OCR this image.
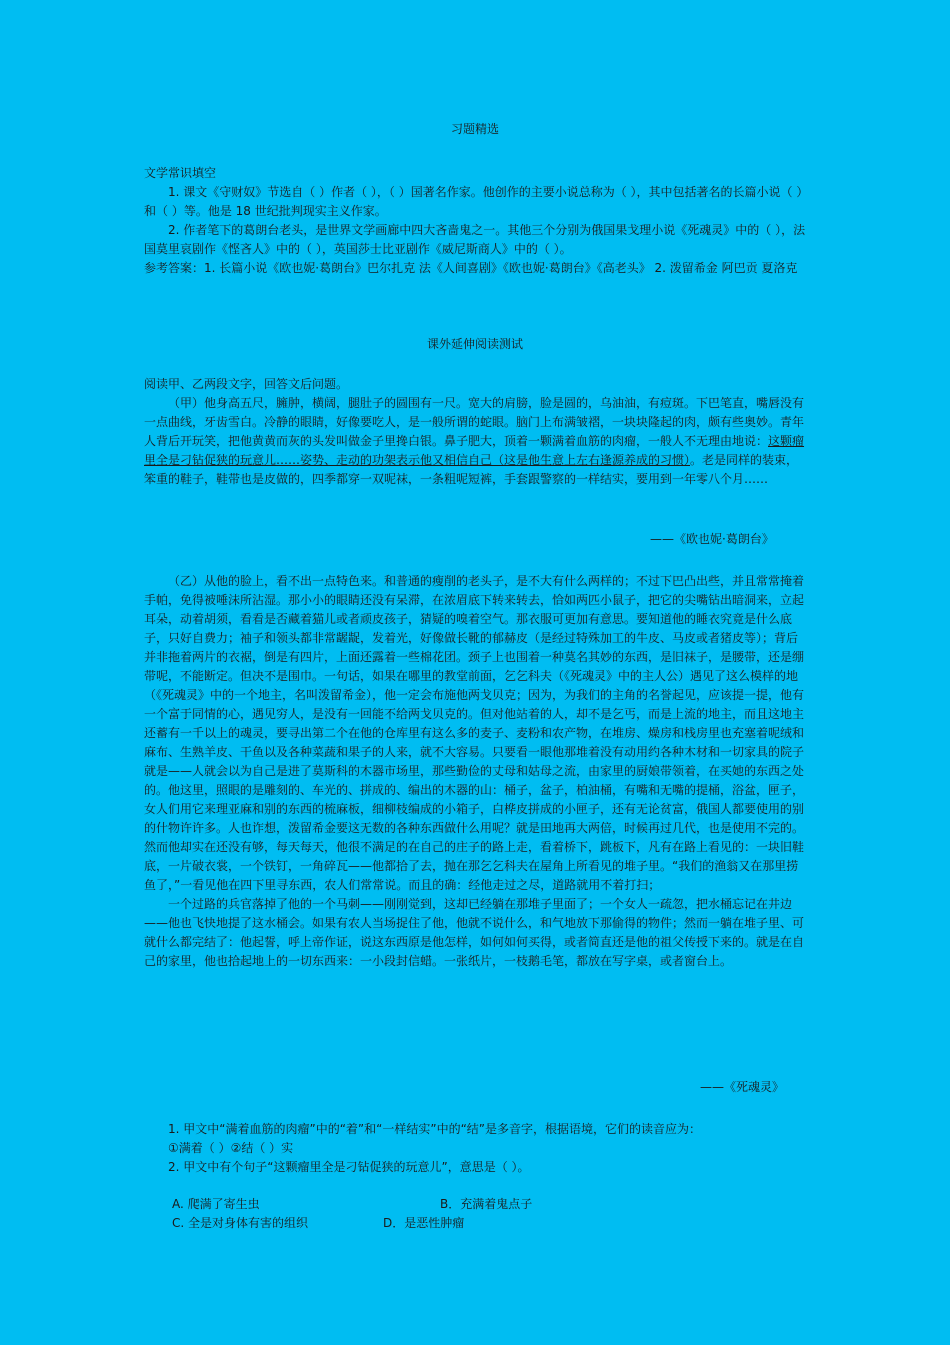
习题精选

文学常识填空

1. 课文《守财奴》节选自（ ）作者（ ），（ ）国著名作家。他创作的主要小说总称为（ ），其中包括著名的长篇小说（ ）和（ ）等。他是 18 世纪批判现实主义作家。

2. 作者笔下的葛朗台老头，是世界文学画廊中四大吝啬鬼之一。其他三个分别为俄国果戈理小说《死魂灵》中的（ ），法国莫里哀剧作《悭吝人》中的（ ），英国莎士比亚剧作《威尼斯商人》中的（ ）。

参考答案：1. 长篇小说《欧也妮·葛朗台》巴尔扎克 法《人间喜剧》《欧也妮·葛朗台》《高老头》 2. 泼留希金 阿巴贡 夏洛克

课外延伸阅读测试

阅读甲、乙两段文字，回答文后问题。

（甲）他身高五尺，臃肿，横阔，腿肚子的圆围有一尺。宽大的肩膀，脸是圆的，乌油油，有痘斑。下巴笔直，嘴唇没有一点曲线，牙齿雪白。冷静的眼睛，好像要吃人，是一般所谓的蛇眼。脑门上布满皱褶，一块块隆起的肉，颇有些奥妙。青年人背后开玩笑，把他黄黄而灰的头发叫做金子里搀白银。鼻子肥大，顶着一颗满着血筋的肉瘤，一般人不无理由地说：这颗瘤里全是刁钻促狭的玩意儿……姿势、走动的功架表示他又相信自己（这是他生意上左右逢源养成的习惯）。老是同样的装束，笨重的鞋子，鞋带也是皮做的，四季都穿一双呢袜，一条粗呢短裤，手套跟警察的一样结实，要用到一年零八个月……

——《欧也妮·葛朗台》

（乙）从他的脸上，看不出一点特色来。和普通的瘦削的老头子，是不大有什么两样的；不过下巴凸出些，并且常常掩着手帕，免得被唾沫所沾湿。那小小的眼睛还没有呆滞，在浓眉底下转来转去，恰如两匹小鼠子，把它的尖嘴钻出暗洞来，立起耳朵，动着胡须，看看是否藏着猫儿或者顽皮孩子，猜疑的嗅着空气。那衣服可更加有意思。要知道他的睡衣究竟是什么底子，只好自费力；袖子和领头都非常龌龊，发着光，好像做长靴的郁赫皮（是经过特殊加工的牛皮、马皮或者猪皮等）；背后并非拖着两片的衣裾，倒是有四片，上面还露着一些棉花团。颈子上也围着一种莫名其妙的东西，是旧袜子，是腰带，还是绷带呢，不能断定。但决不是围巾。一句话，如果在哪里的教堂前面，乞乞科夫（《死魂灵》中的主人公）遇见了这么模样的地（《死魂灵》中的一个地主，名叫泼留希金），他一定会布施他两戈贝克；因为，为我们的主角的名誉起见，应该提一提，他有一个富于同情的心，遇见穷人，是没有一回能不给两戈贝克的。但对他站着的人，却不是乞丐，而是上流的地主，而且这地主还蓄有一千以上的魂灵，要寻出第二个在他的仓库里有这么多的麦子、麦粉和农产物，在堆房、燥房和栈房里也充塞着呢绒和麻布、生熟羊皮、干鱼以及各种菜蔬和果子的人来，就不大容易。只要看一眼他那堆着没有动用约各种木材和一切家具的院子就是——人就会以为自己是进了莫斯科的木器市场里，那些勤俭的丈母和姑母之流，由家里的厨娘带领着，在买她的东西之处的。他这里，照眼的是雕刻的、车光的、拼成的、编出的木器的山：桶子，盆子，柏油桶，有嘴和无嘴的提桶，浴盆，匣子，女人们用它来理亚麻和别的东西的梳麻板，细柳枝编成的小箱子，白桦皮拼成的小匣子，还有无论贫富，俄国人都要使用的别的什物许许多。人也诈想，泼留希金要这无数的各种东西做什么用呢？就是田地再大两倍，时候再过几代，也是使用不完的。然而他却实在还没有够，每天每天，他很不满足的在自己的庄子的路上走，看着桥下，跳板下，凡有在路上看见的：一块旧鞋底，一片破衣裳，一个铁钉，一角碎瓦——他都拾了去，抛在那乞乞科夫在屋角上所看见的堆子里。“我们的渔翁又在那里捞鱼了，”一看见他在四下里寻东西，农人们常常说。而且的确：经他走过之尽，道路就用不着打扫；

一个过路的兵官落掉了他的一个马刺——刚刚觉到，这却已经躺在那堆子里面了；一个女人一疏忽，把水桶忘记在井边——他也飞快地提了这水桶会。如果有农人当场捉住了他，他就不说什么，和气地放下那偷得的物件；然而一躺在堆子里、可就什么都完结了：他起誓，呼上帝作证，说这东西原是他怎样，如何如何买得，或者简直还是他的祖父传授下来的。就是在自己的家里，他也拾起地上的一切东西来：一小段封信蜡。一张纸片，一枝鹅毛笔，都放在写字桌，或者窗台上。

——《死魂灵》

1. 甲文中“满着血筋的肉瘤”中的“着”和“一样结实”中的“结”是多音字，根据语境，它们的读音应为：

①满着（ ）②结（ ）实

2. 甲文中有个句子“这颗瘤里全是刁钻促狭的玩意儿”，意思是（ ）。

A. 爬满了寄生虫	B．充满着鬼点子
C. 全是对身体有害的组织	D．是恶性肿瘤
